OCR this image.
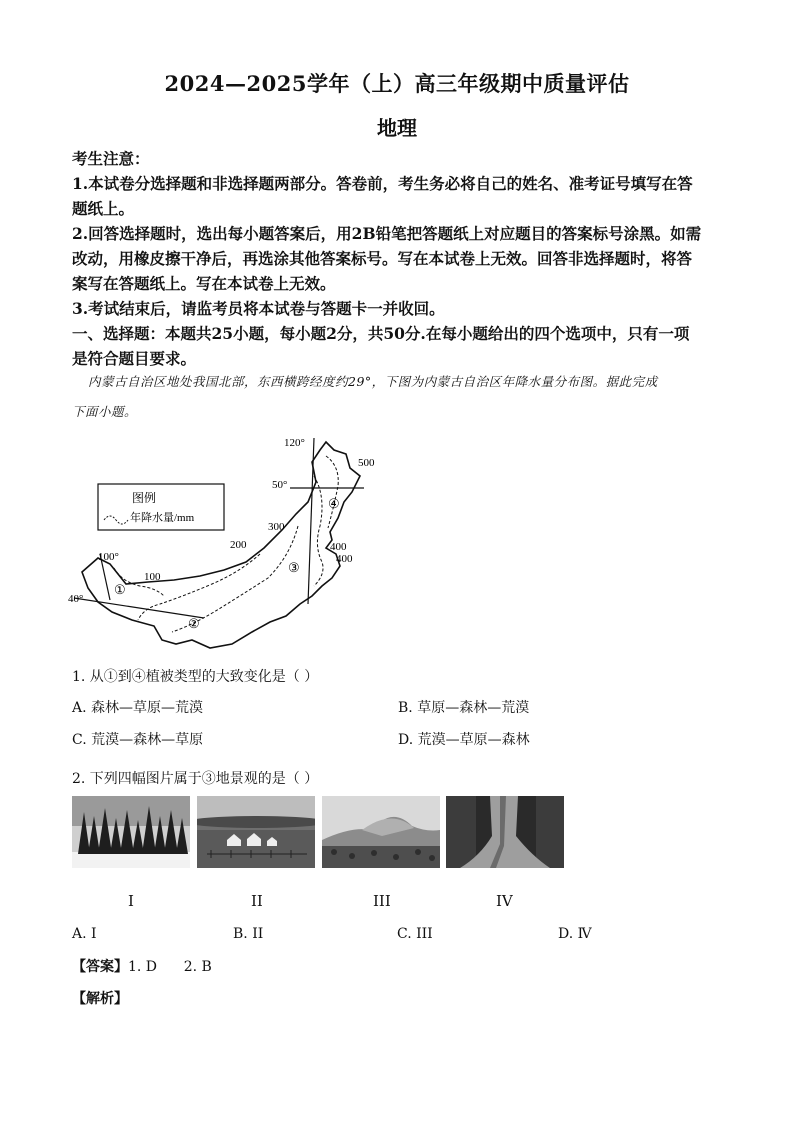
2024—2025学年（上）高三年级期中质量评估
地理
考生注意：
1.本试卷分选择题和非选择题两部分。答卷前，考生务必将自己的姓名、准考证号填写在答
题纸上。
2.回答选择题时，选出每小题答案后，用2B铅笔把答题纸上对应题目的答案标号涂黑。如需
改动，用橡皮擦干净后，再选涂其他答案标号。写在本试卷上无效。回答非选择题时，将答
案写在答题纸上。写在本试卷上无效。
3.考试结束后，请监考员将本试卷与答题卡一并收回。
一、选择题：本题共25小题，每小题2分，共50分.在每小题给出的四个选项中，只有一项
是符合题目要求。
内蒙古自治区地处我国北部，东西横跨经度约29°，下图为内蒙古自治区年降水量分布图。据此完成
下面小题。
图例
年降水量/mm
120°
500
50°
④
300
400
400
200
③
100°
100
①
40°
②
1. 从①到④植被类型的大致变化是（ ）
A. 森林—草原—荒漠	B. 草原—森林—荒漠
C. 荒漠—森林—草原	D. 荒漠—草原—森林
2. 下列四幅图片属于③地景观的是（ ）
I	II	III	IV
A. I	B. II	C. III	D. Ⅳ
【答案】1. D      2. B
【解析】
